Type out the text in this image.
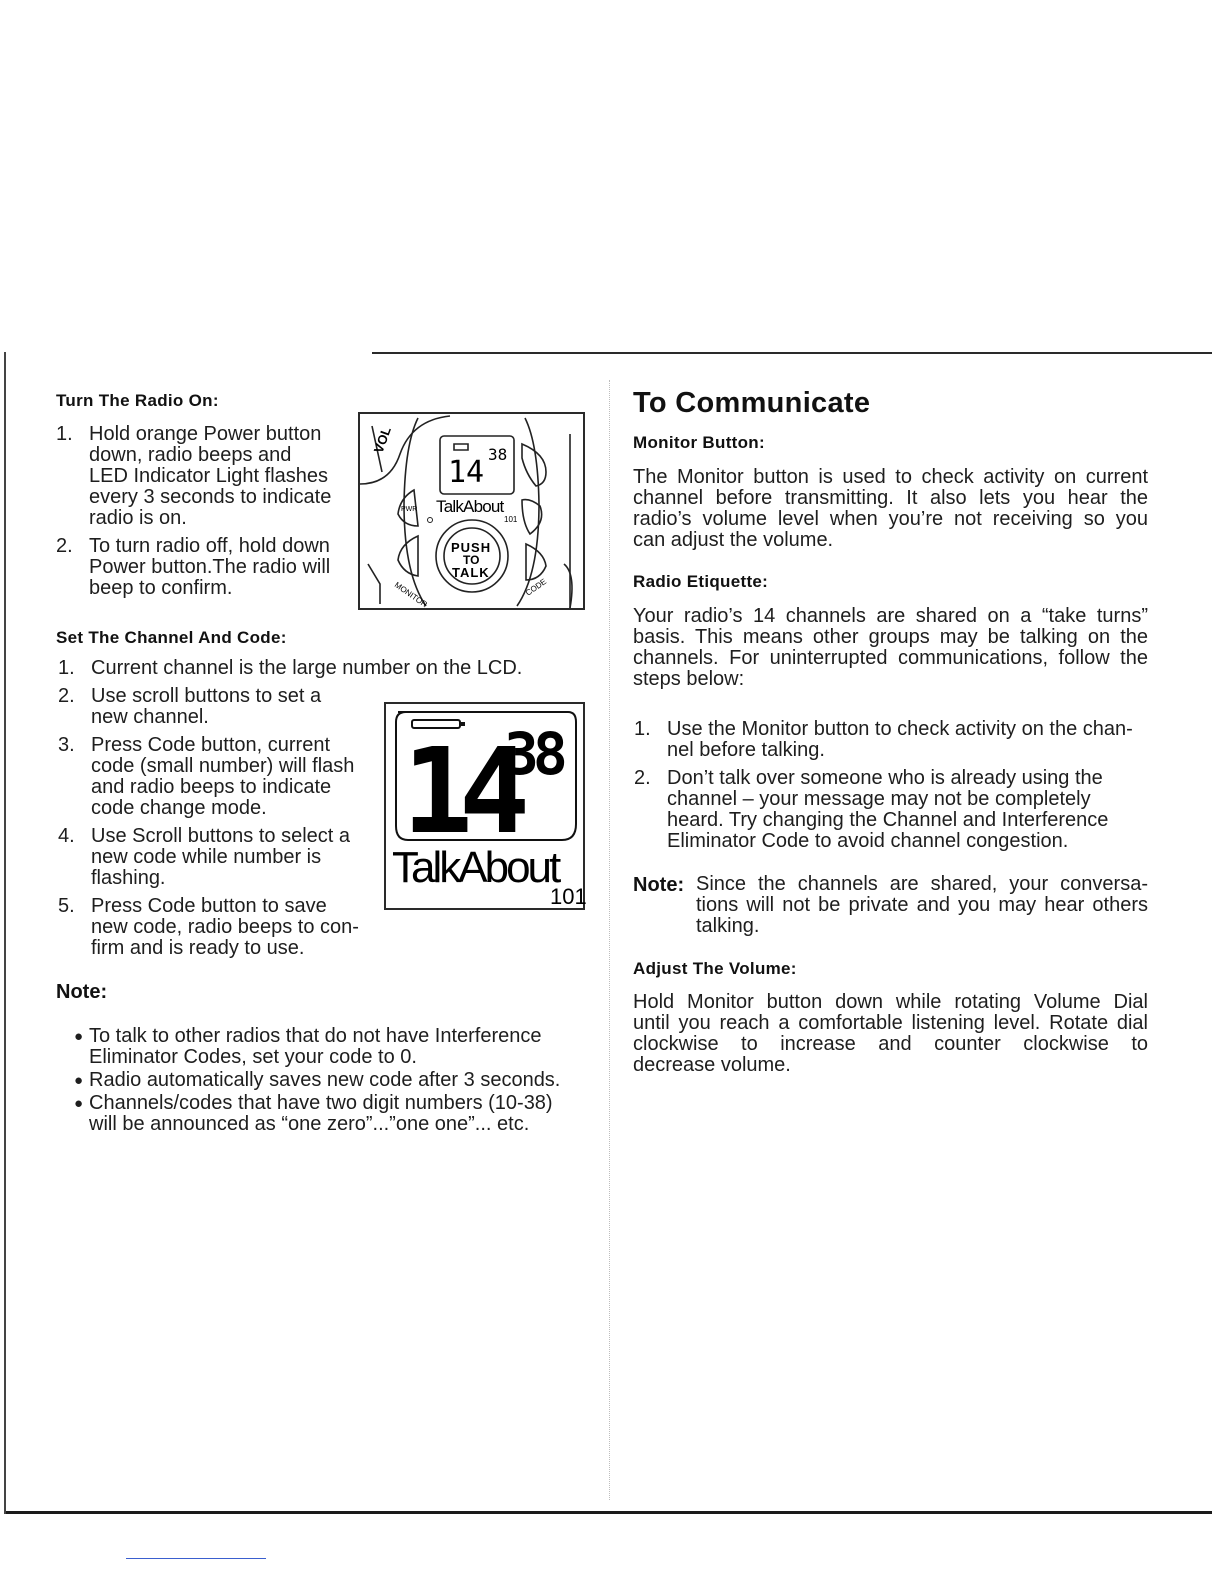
Turn The Radio On:
1. Hold orange Power button
down, radio beeps and
LED Indicator Light flashes
every 3 seconds to indicate
radio is on.
2. To turn radio off, hold down
Power button.The radio will
beep to confirm.
VOL
14
38
TalkAbout
101
PWR
PUSH
TO
TALK
MONITOR	CODE
Set The Channel And Code:
1. Current channel is the large number on the LCD.
2. Use scroll buttons to set a
new channel.
3. Press Code button, current
code (small number) will flash
and radio beeps to indicate
code change mode.
4. Use Scroll buttons to select a
new code while number is
flashing.
5. Press Code button to save
new code, radio beeps to con-
firm and is ready to use.
14
38
TalkAbout
101
Note:
● To talk to other radios that do not have Interference
Eliminator Codes, set your code to 0.
● Radio automatically saves new code after 3 seconds.
● Channels/codes that have two digit numbers (10-38)
will be announced as “one zero”...”one one”... etc.
To Communicate
Monitor Button:
The Monitor button is used to check activity on current
channel before transmitting. It also lets you hear the
radio’s volume level when you’re not receiving so you
can adjust the volume.
Radio Etiquette:
Your radio’s 14 channels are shared on a “take turns”
basis. This means other groups may be talking on the
channels. For uninterrupted communications, follow the
steps below:
1. Use the Monitor button to check activity on the chan-
nel before talking.
2. Don’t talk over someone who is already using the
channel – your message may not be completely
heard. Try changing the Channel and Interference
Eliminator Code to avoid channel congestion.
Note: Since the channels are shared, your conversa-
tions will not be private and you may hear others
talking.
Adjust The Volume:
Hold Monitor button down while rotating Volume Dial
until you reach a comfortable listening level. Rotate dial
clockwise to increase and counter clockwise to
decrease volume.
